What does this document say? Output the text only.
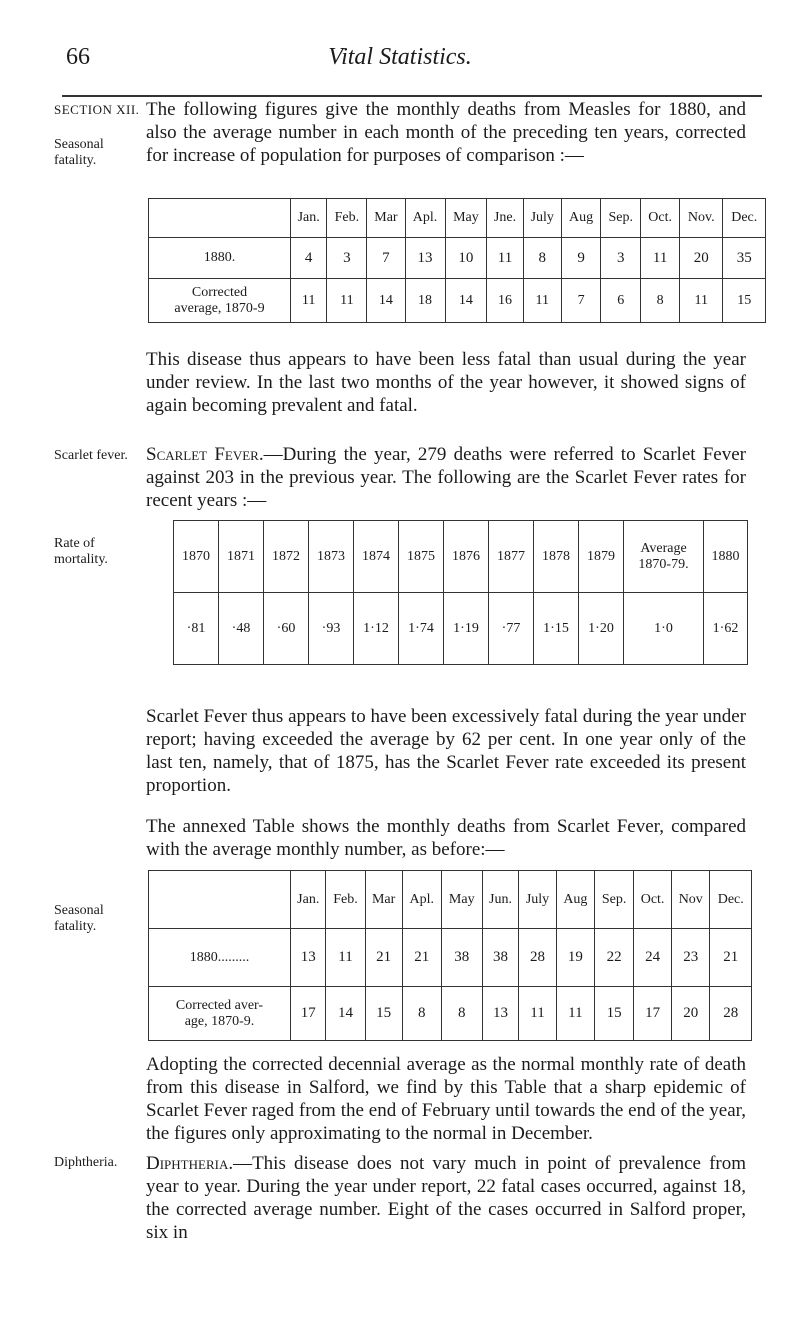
66	Vital Statistics.
SECTION XII.
Seasonal
fatality.
Scarlet fever.
Rate of
mortality.
Seasonal
fatality.
Diphtheria.

The following figures give the monthly deaths from Measles for 1880, and also the average number in each month of the preceding ten years, corrected for increase of population for purposes of comparison :—

	Jan.	Feb.	Mar	Apl.	May	Jne.	July	Aug	Sep.	Oct.	Nov.	Dec.
1880.	4	3	7	13	10	11	8	9	3	11	20	35

Corrected
average, 1870-9	11	11	14	18	14	16	11	7	6	8	11	15

This disease thus appears to have been less fatal than usual during the year under review. In the last two months of the year however, it showed signs of again becoming prevalent and fatal.

Scarlet Fever.—During the year, 279 deaths were referred to Scarlet Fever against 203 in the previous year. The following are the Scarlet Fever rates for recent years :—

1870	1871	1872	1873	1874	1875	1876	1877	1878	1879	Average
1870-79.	1880
·81	·48	·60	·93	1·12	1·74	1·19	·77	1·15	1·20	1·0	1·62

Scarlet Fever thus appears to have been excessively fatal during the year under report; having exceeded the average by 62 per cent. In one year only of the last ten, namely, that of 1875, has the Scarlet Fever rate exceeded its present proportion.

The annexed Table shows the monthly deaths from Scarlet Fever, compared with the average monthly number, as before:—

	Jan.	Feb.	Mar	Apl.	May	Jun.	July	Aug	Sep.	Oct.	Nov	Dec.
1880.........	13	11	21	21	38	38	28	19	22	24	23	21

Corrected aver-
age, 1870-9.	17	14	15	8	8	13	11	11	15	17	20	28

Adopting the corrected decennial average as the normal monthly rate of death from this disease in Salford, we find by this Table that a sharp epidemic of Scarlet Fever raged from the end of February until towards the end of the year, the figures only approximating to the normal in December.

Diphtheria.—This disease does not vary much in point of prevalence from year to year. During the year under report, 22 fatal cases occurred, against 18, the corrected average number. Eight of the cases occurred in Salford proper, six in
